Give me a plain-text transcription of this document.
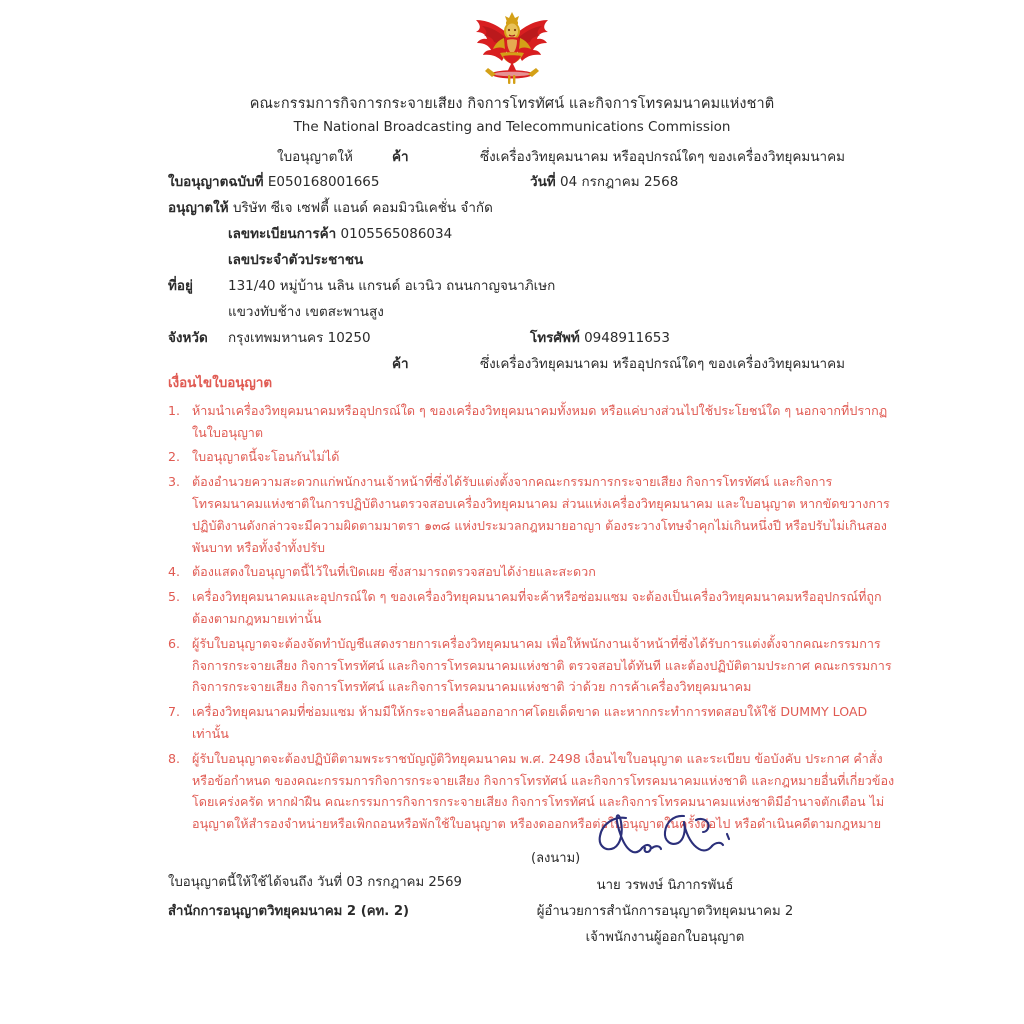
คณะกรรมการกิจการกระจายเสียง กิจการโทรทัศน์ และกิจการโทรคมนาคมแห่งชาติ
The National Broadcasting and Telecommunications Commission
ใบอนุญาตให้	ค้า	ซึ่งเครื่องวิทยุคมนาคม หรืออุปกรณ์ใดๆ ของเครื่องวิทยุคมนาคม
ใบอนุญาตฉบับที่ E050168001665	วันที่ 04 กรกฎาคม 2568
อนุญาตให้ บริษัท ซีเจ เซฟตี้ แอนด์ คอมมิวนิเคชั่น จำกัด
เลขทะเบียนการค้า 0105565086034
เลขประจำตัวประชาชน
ที่อยู่	131/40 หมู่บ้าน นลิน แกรนด์ อเวนิว ถนนกาญจนาภิเษก
แขวงทับช้าง เขตสะพานสูง
จังหวัด กรุงเทพมหานคร 10250	โทรศัพท์ 0948911653
ค้า	ซึ่งเครื่องวิทยุคมนาคม หรืออุปกรณ์ใดๆ ของเครื่องวิทยุคมนาคม
เงื่อนไขใบอนุญาต
1. ห้ามนำเครื่องวิทยุคมนาคมหรืออุปกรณ์ใด ๆ ของเครื่องวิทยุคมนาคมทั้งหมด หรือแค่บางส่วนไปใช้ประโยชน์ใด ๆ นอกจากที่ปรากฏในใบอนุญาต
2. ใบอนุญาตนี้จะโอนกันไม่ได้
3. ต้องอำนวยความสะดวกแก่พนักงานเจ้าหน้าที่ซึ่งได้รับแต่งตั้งจากคณะกรรมการกระจายเสียง กิจการโทรทัศน์ และกิจการโทรคมนาคมแห่งชาติในการปฏิบัติงานตรวจสอบเครื่องวิทยุคมนาคม ส่วนแห่งเครื่องวิทยุคมนาคม และใบอนุญาต หากขัดขวางการปฏิบัติงานดังกล่าวจะมีความผิดตามมาตรา ๑๓๘ แห่งประมวลกฎหมายอาญา ต้องระวางโทษจำคุกไม่เกินหนึ่งปี หรือปรับไม่เกินสองพันบาท หรือทั้งจำทั้งปรับ
4. ต้องแสดงใบอนุญาตนี้ไว้ในที่เปิดเผย ซึ่งสามารถตรวจสอบได้ง่ายและสะดวก
5. เครื่องวิทยุคมนาคมและอุปกรณ์ใด ๆ ของเครื่องวิทยุคมนาคมที่จะค้าหรือซ่อมแซม จะต้องเป็นเครื่องวิทยุคมนาคมหรืออุปกรณ์ที่ถูกต้องตามกฎหมายเท่านั้น
6. ผู้รับใบอนุญาตจะต้องจัดทำบัญชีแสดงรายการเครื่องวิทยุคมนาคม เพื่อให้พนักงานเจ้าหน้าที่ซึ่งได้รับการแต่งตั้งจากคณะกรรมการกิจการกระจายเสียง กิจการโทรทัศน์ และกิจการโทรคมนาคมแห่งชาติ ตรวจสอบได้ทันที และต้องปฏิบัติตามประกาศ คณะกรรมการกิจการกระจายเสียง กิจการโทรทัศน์ และกิจการโทรคมนาคมแห่งชาติ ว่าด้วย การค้าเครื่องวิทยุคมนาคม
7. เครื่องวิทยุคมนาคมที่ซ่อมแซม ห้ามมีให้กระจายคลื่นออกอากาศโดยเด็ดขาด และหากกระทำการทดสอบให้ใช้ DUMMY LOAD เท่านั้น
8. ผู้รับใบอนุญาตจะต้องปฏิบัติตามพระราชบัญญัติวิทยุคมนาคม พ.ศ. 2498 เงื่อนไขใบอนุญาต และระเบียบ ข้อบังคับ ประกาศ คำสั่ง หรือข้อกำหนด ของคณะกรรมการกิจการกระจายเสียง กิจการโทรทัศน์ และกิจการโทรคมนาคมแห่งชาติ และกฎหมายอื่นที่เกี่ยวข้องโดยเคร่งครัด หากฝ่าฝืน คณะกรรมการกิจการกระจายเสียง กิจการโทรทัศน์ และกิจการโทรคมนาคมแห่งชาติมีอำนาจตักเตือน ไม่อนุญาตให้สำรองจำหน่ายหรือเพิกถอนหรือพักใช้ใบอนุญาต หรืองดออกหรือต่อใบอนุญาตในครั้งต่อไป หรือดำเนินคดีตามกฎหมาย
(ลงนาม)
ใบอนุญาตนี้ให้ใช้ได้จนถึง วันที่ 03 กรกฎาคม 2569
สำนักการอนุญาตวิทยุคมนาคม 2 (คท. 2)
นาย วรพงษ์ นิภากรพันธ์
ผู้อำนวยการสำนักการอนุญาตวิทยุคมนาคม 2
เจ้าพนักงานผู้ออกใบอนุญาต
